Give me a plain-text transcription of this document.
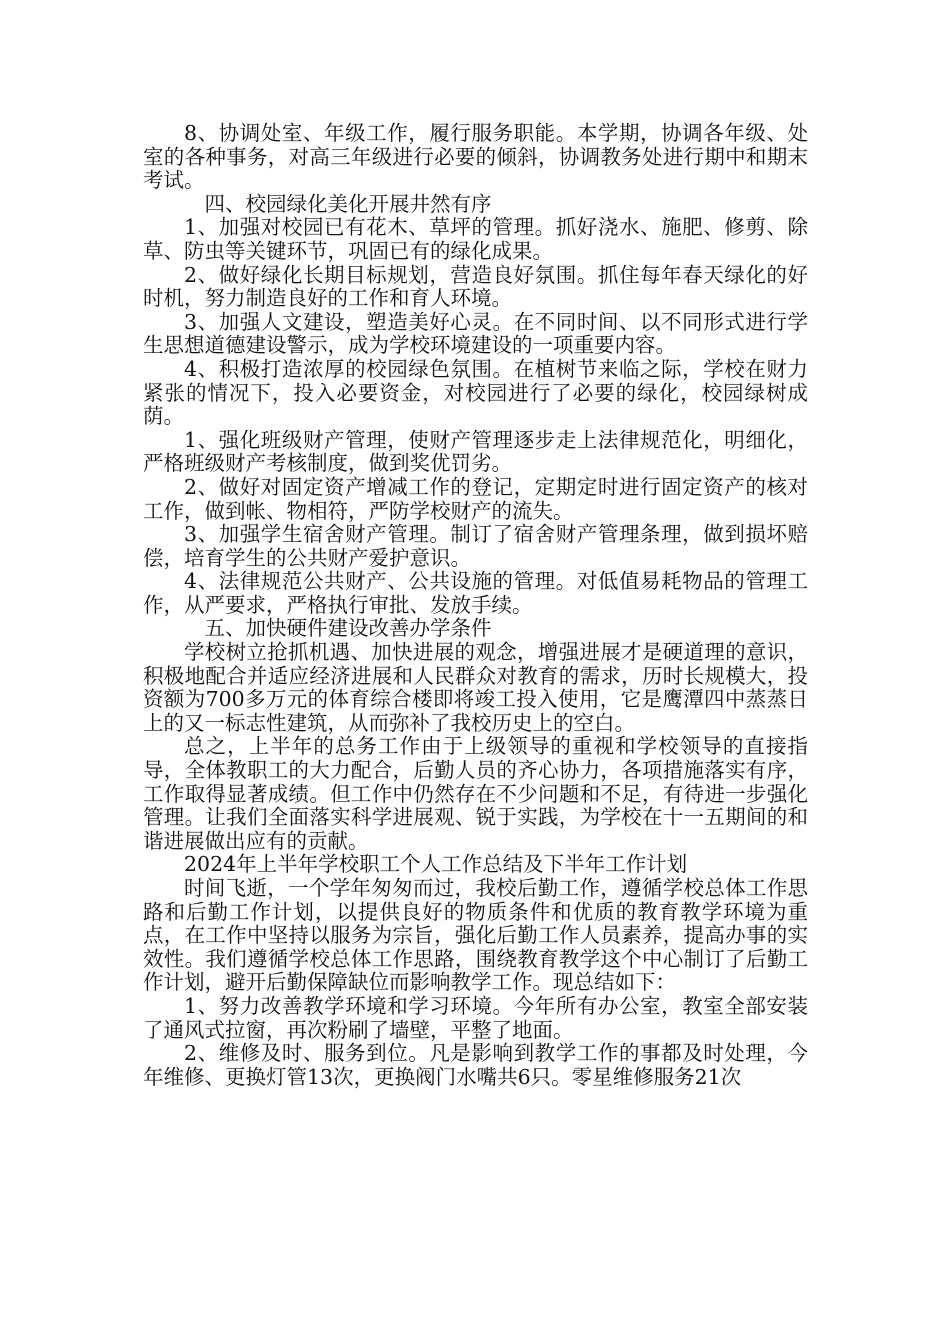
8、协调处室、年级工作，履行服务职能。本学期，协调各年级、处室的各种事务，对高三年级进行必要的倾斜，协调教务处进行期中和期末考试。

四、校园绿化美化开展井然有序

1、加强对校园已有花木、草坪的管理。抓好浇水、施肥、修剪、除草、防虫等关键环节，巩固已有的绿化成果。

2、做好绿化长期目标规划，营造良好氛围。抓住每年春天绿化的好时机，努力制造良好的工作和育人环境。

3、加强人文建设，塑造美好心灵。在不同时间、以不同形式进行学生思想道德建设警示，成为学校环境建设的一项重要内容。

4、积极打造浓厚的校园绿色氛围。在植树节来临之际，学校在财力紧张的情况下，投入必要资金，对校园进行了必要的绿化，校园绿树成荫。

1、强化班级财产管理，使财产管理逐步走上法律规范化，明细化，严格班级财产考核制度，做到奖优罚劣。

2、做好对固定资产增减工作的登记，定期定时进行固定资产的核对工作，做到帐、物相符，严防学校财产的流失。

3、加强学生宿舍财产管理。制订了宿舍财产管理条理，做到损坏赔偿，培育学生的公共财产爱护意识。

4、法律规范公共财产、公共设施的管理。对低值易耗物品的管理工作，从严要求，严格执行审批、发放手续。

五、加快硬件建设改善办学条件

学校树立抢抓机遇、加快进展的观念，增强进展才是硬道理的意识，积极地配合并适应经济进展和人民群众对教育的需求，历时长规模大，投资额为700多万元的体育综合楼即将竣工投入使用，它是鹰潭四中蒸蒸日上的又一标志性建筑，从而弥补了我校历史上的空白。

总之，上半年的总务工作由于上级领导的重视和学校领导的直接指导，全体教职工的大力配合，后勤人员的齐心协力，各项措施落实有序，工作取得显著成绩。但工作中仍然存在不少问题和不足，有待进一步强化管理。让我们全面落实科学进展观、锐于实践，为学校在十一五期间的和谐进展做出应有的贡献。

2024年上半年学校职工个人工作总结及下半年工作计划

时间飞逝，一个学年匆匆而过，我校后勤工作，遵循学校总体工作思路和后勤工作计划，以提供良好的物质条件和优质的教育教学环境为重点，在工作中坚持以服务为宗旨，强化后勤工作人员素养，提高办事的实效性。我们遵循学校总体工作思路，围绕教育教学这个中心制订了后勤工作计划，避开后勤保障缺位而影响教学工作。现总结如下：

1、努力改善教学环境和学习环境。今年所有办公室，教室全部安装了通风式拉窗，再次粉刷了墙壁，平整了地面。

2、维修及时、服务到位。凡是影响到教学工作的事都及时处理，今年维修、更换灯管13次，更换阀门水嘴共6只。零星维修服务21次
